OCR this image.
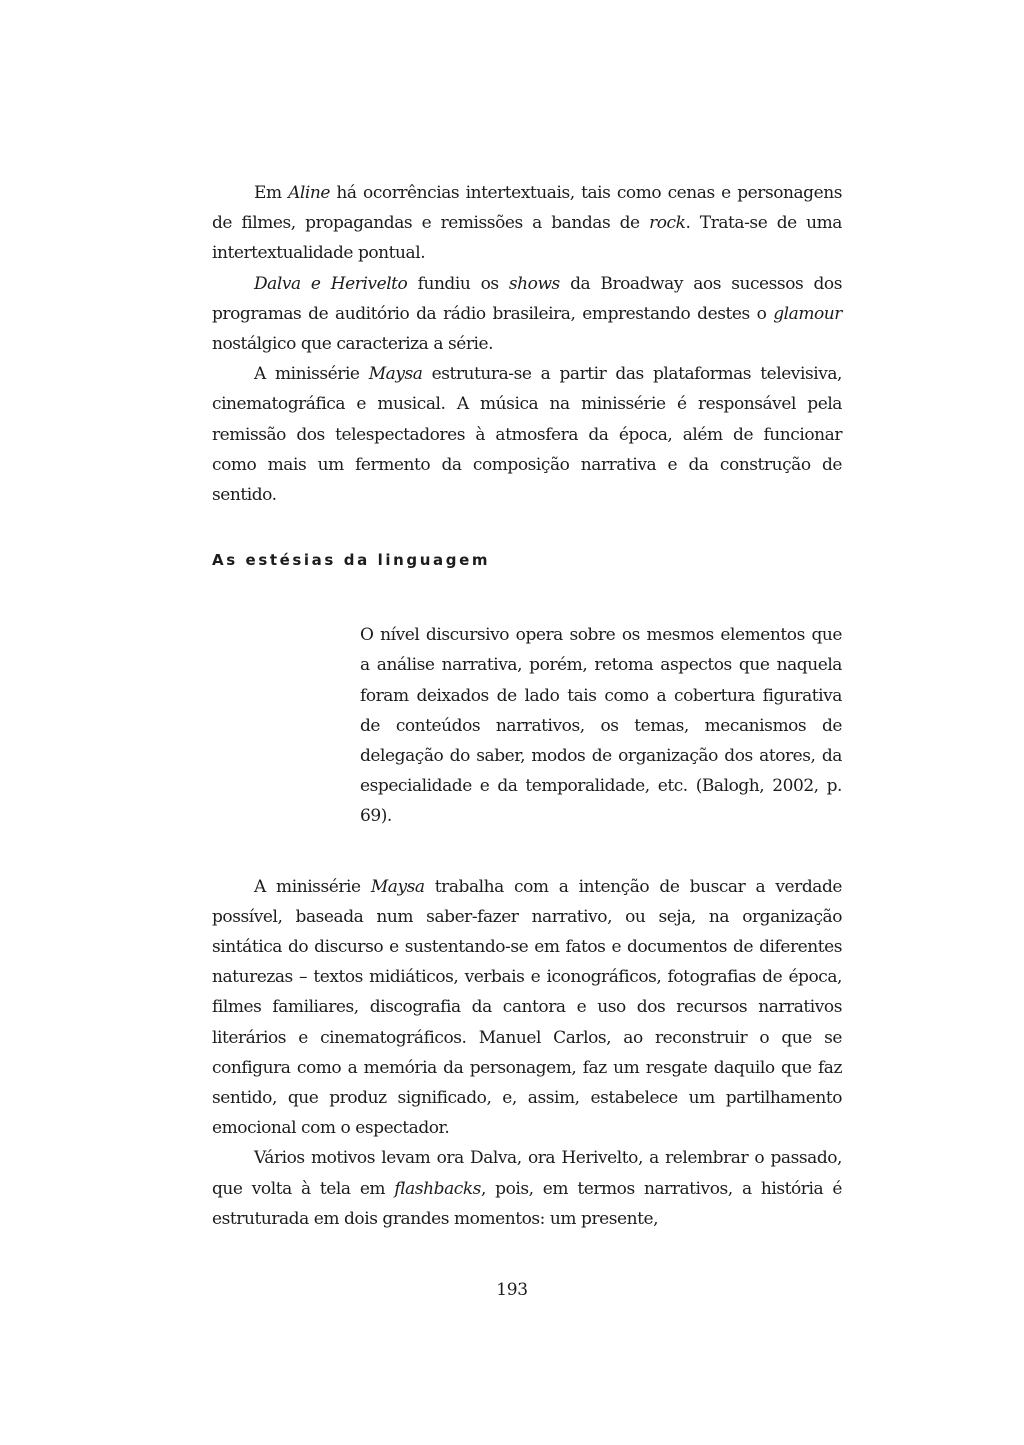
Em Aline há ocorrências intertextuais, tais como cenas e personagens de filmes, propagandas e remissões a bandas de rock. Trata-se de uma intertextualidade pontual.

Dalva e Herivelto fundiu os shows da Broadway aos sucessos dos programas de auditório da rádio brasileira, emprestando destes o glamour nostálgico que caracteriza a série.

A minissérie Maysa estrutura-se a partir das plataformas televisiva, cinematográfica e musical. A música na minissérie é responsável pela remissão dos telespectadores à atmosfera da época, além de funcionar como mais um fermento da composição narrativa e da construção de sentido.

As estésias da linguagem

O nível discursivo opera sobre os mesmos elementos que a análise narrativa, porém, retoma aspectos que naquela foram deixados de lado tais como a cobertura figurativa de conteúdos narrativos, os temas, mecanismos de delegação do saber, modos de organização dos atores, da especialidade e da temporalidade, etc. (Balogh, 2002, p. 69).

A minissérie Maysa trabalha com a intenção de buscar a verdade possível, baseada num saber-fazer narrativo, ou seja, na organização sintática do discurso e sustentando-se em fatos e documentos de diferentes naturezas – textos midiáticos, verbais e iconográficos, fotografias de época, filmes familiares, discografia da cantora e uso dos recursos narrativos literários e cinematográficos. Manuel Carlos, ao reconstruir o que se configura como a memória da personagem, faz um resgate daquilo que faz sentido, que produz significado, e, assim, estabelece um partilhamento emocional com o espectador.

Vários motivos levam ora Dalva, ora Herivelto, a relembrar o passado, que volta à tela em flashbacks, pois, em termos narrativos, a história é estruturada em dois grandes momentos: um presente,

193
